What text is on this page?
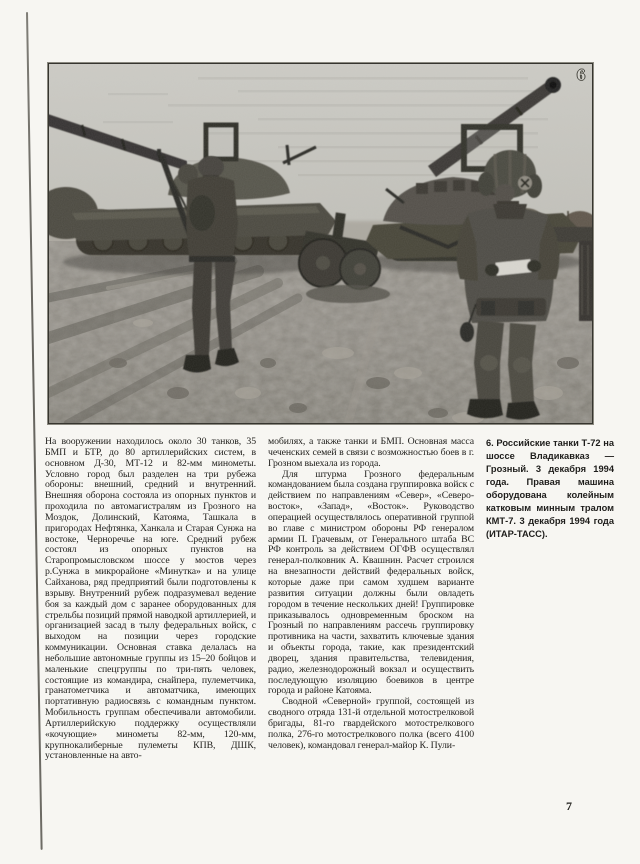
6

На вооружении находилось около 30 танков, 35 БМП и БТР, до 80 артиллерийских систем, в основном Д-30, МТ-12 и 82-мм минометы. Условно город был разделен на три рубежа обороны: внешний, средний и внутренний. Внешняя оборона состояла из опорных пунктов и проходила по автомагистралям из Грозного на Моздок, Долинский, Катояма, Ташкала в пригородах Нефтянка, Ханкала и Старая Сунжа на востоке, Черноречье на юге. Средний рубеж состоял из опорных пунктов на Старопромысловском шоссе у мостов через р.Сунжа в микрорайоне «Минутка» и на улице Сайханова, ряд предприятий были подготовлены к взрыву. Внутренний рубеж подразумевал ведение боя за каждый дом с заранее оборудованных для стрельбы позиций прямой наводкой артиллерией, и организацией засад в тылу федеральных войск, с выходом на позиции через городские коммуникации. Основная ставка делалась на небольшие автономные группы из 15–20 бойцов и маленькие спецгруппы по три-пять человек, состоящие из командира, снайпера, пулеметчика, гранатометчика и автоматчика, имеющих портативную радиосвязь с командным пунктом. Мобильность группам обеспечивали автомобили. Артиллерийскую поддержку осуществляли «кочующие» минометы 82-мм, 120-мм, крупнокалиберные пулеметы КПВ, ДШК, установленные на авто-

мобилях, а также танки и БМП. Основная масса чеченских семей в связи с возможностью боев в г. Грозном выехала из города.

Для штурма Грозного федеральным командованием была создана группировка войск с действием по направлениям «Север», «Северо-восток», «Запад», «Восток». Руководство операцией осуществлялось оперативной группой во главе с министром обороны РФ генералом армии П. Грачевым, от Генерального штаба ВС РФ контроль за действием ОГФВ осуществлял генерал-полковник А. Квашнин. Расчет строился на внезапности действий федеральных войск, которые даже при самом худшем варианте развития ситуации должны были овладеть городом в течение нескольких дней! Группировке приказывалось одновременным броском на Грозный по направлениям рассечь группировку противника на части, захватить ключевые здания и объекты города, такие, как президентский дворец, здания правительства, телевидения, радио, железнодорожный вокзал и осуществить последующую изоляцию боевиков в центре города и районе Катояма.

Сводной «Северной» группой, состоящей из сводного отряда 131-й отдельной мотострелковой бригады, 81-го гвардейского мотострелкового полка, 276-го мотострелкового полка (всего 4100 человек), командовал генерал-майор К. Пули-

6. Российские танки Т-72 на шоссе Владикавказ — Грозный. 3 декабря 1994 года. Правая машина оборудована колейным катковым минным тралом КМТ-7. 3 декабря 1994 года (ИТАР-ТАСС).

7
